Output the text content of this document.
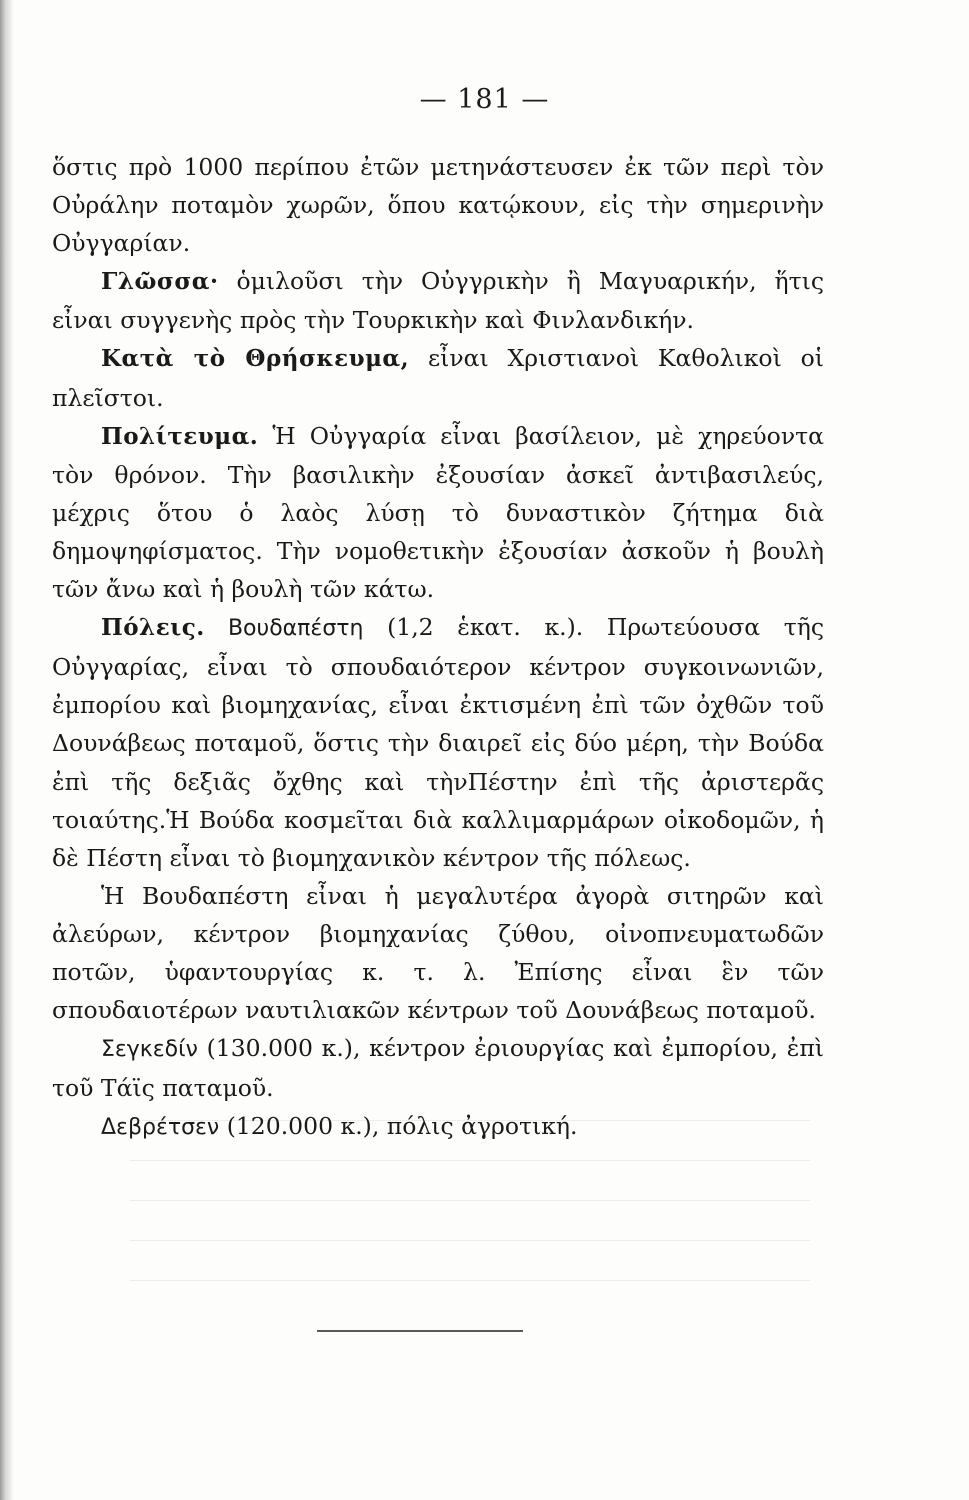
— 181 —

ὅστις πρὸ 1000 περίπου ἐτῶν μετηνάστευσεν ἐκ τῶν περὶ τὸν Οὐράλην ποταμὸν χωρῶν, ὅπου κατῴκουν, εἰς τὴν σημερινὴν Οὐγγαρίαν.

Γλῶσσα· ὁμιλοῦσι τὴν Οὐγγρικὴν ἢ Μαγυαρικήν, ἥτις εἶναι συγγενὴς πρὸς τὴν Τουρκικὴν καὶ Φινλανδικήν.

Κατὰ τὸ Θρήσκευμα, εἶναι Χριστιανοὶ Καθολικοὶ οἱ πλεῖστοι.

Πολίτευμα. Ἡ Οὐγγαρία εἶναι βασίλειον, μὲ χηρεύοντα τὸν θρόνον. Τὴν βασιλικὴν ἐξουσίαν ἀσκεῖ ἀντιβασιλεύς, μέχρις ὅτου ὁ λαὸς λύσῃ τὸ δυναστικὸν ζήτημα διὰ δημοψηφίσματος. Τὴν νομοθετικὴν ἐξουσίαν ἀσκοῦν ἡ βουλὴ τῶν ἄνω καὶ ἡ βουλὴ τῶν κάτω.

Πόλεις. Βουδαπέστη (1,2 ἑκατ. κ.). Πρωτεύουσα τῆς Οὐγγαρίας, εἶναι τὸ σπουδαιότερον κέντρον συγκοινωνιῶν, ἐμπορίου καὶ βιομηχανίας, εἶναι ἐκτισμένη ἐπὶ τῶν ὀχθῶν τοῦ Δουνάβεως ποταμοῦ, ὅστις τὴν διαιρεῖ εἰς δύο μέρη, τὴν Βούδα ἐπὶ τῆς δεξιᾶς ὄχθης καὶ τὴνΠέστην ἐπὶ τῆς ἀριστερᾶς τοιαύτης.Ἡ Βούδα κοσμεῖται διὰ καλλιμαρμάρων οἰκοδομῶν, ἡ δὲ Πέστη εἶναι τὸ βιομηχανικὸν κέντρον τῆς πόλεως.

Ἡ Βουδαπέστη εἶναι ἡ μεγαλυτέρα ἀγορὰ σιτηρῶν καὶ ἀλεύρων, κέντρον βιομηχανίας ζύθου, οἰνοπνευματωδῶν ποτῶν, ὑφαντουργίας κ. τ. λ. Ἐπίσης εἶναι ἓν τῶν σπουδαιοτέρων ναυτιλιακῶν κέντρων τοῦ Δουνάβεως ποταμοῦ.

Σεγκεδίν (130.000 κ.), κέντρον ἐριουργίας καὶ ἐμπορίου, ἐπὶ τοῦ Τάϊς παταμοῦ.

Δεβρέτσεν (120.000 κ.), πόλις ἀγροτική.
